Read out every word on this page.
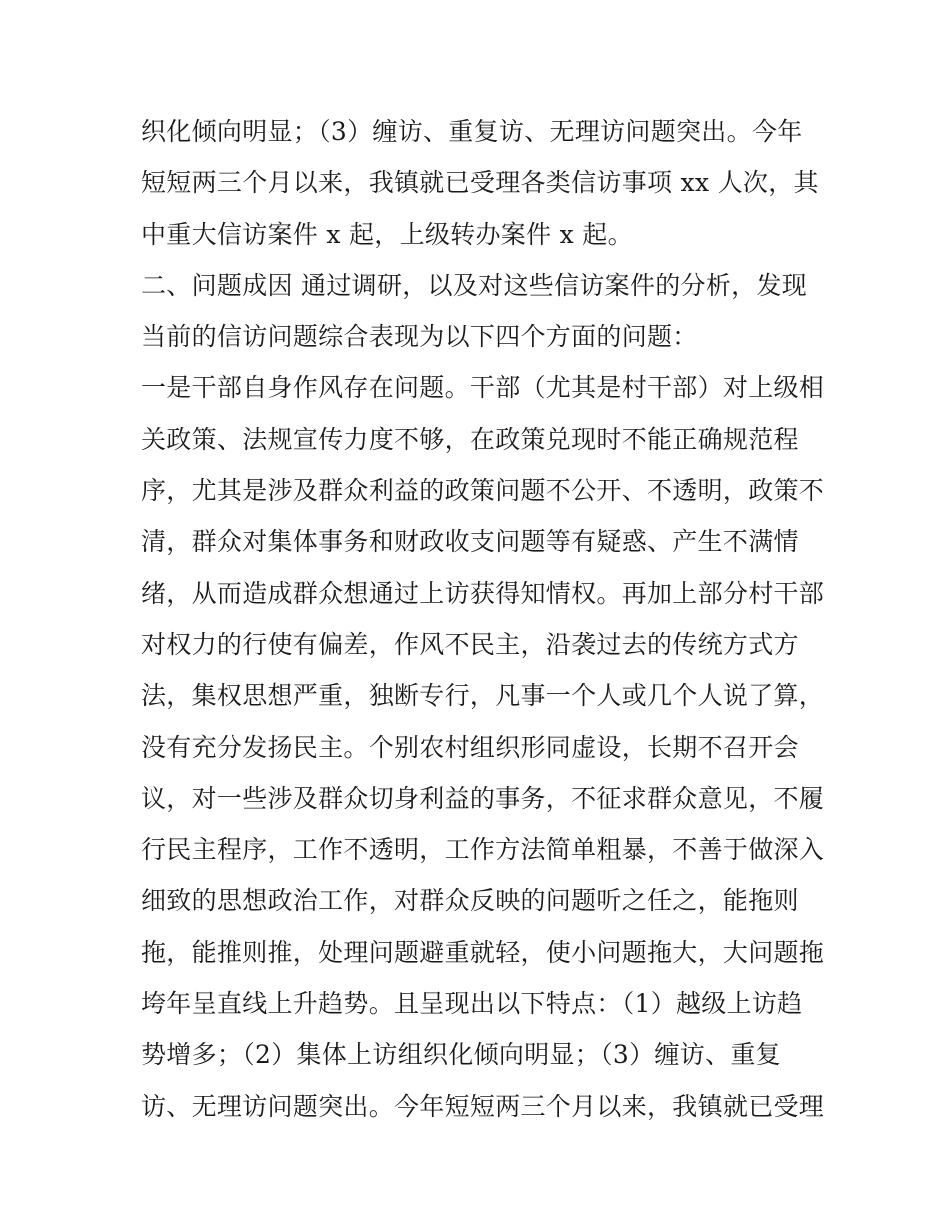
织化倾向明显；（3）缠访、重复访、无理访问题突出。今年
短短两三个月以来，我镇就已受理各类信访事项 xx 人次，其
中重大信访案件 x 起，上级转办案件 x 起。
二、问题成因 通过调研，以及对这些信访案件的分析，发现
当前的信访问题综合表现为以下四个方面的问题：
一是干部自身作风存在问题。干部（尤其是村干部）对上级相
关政策、法规宣传力度不够，在政策兑现时不能正确规范程
序，尤其是涉及群众利益的政策问题不公开、不透明，政策不
清，群众对集体事务和财政收支问题等有疑惑、产生不满情
绪，从而造成群众想通过上访获得知情权。再加上部分村干部
对权力的行使有偏差，作风不民主，沿袭过去的传统方式方
法，集权思想严重，独断专行，凡事一个人或几个人说了算，
没有充分发扬民主。个别农村组织形同虚设，长期不召开会
议，对一些涉及群众切身利益的事务，不征求群众意见，不履
行民主程序，工作不透明，工作方法简单粗暴，不善于做深入
细致的思想政治工作，对群众反映的问题听之任之，能拖则
拖，能推则推，处理问题避重就轻，使小问题拖大，大问题拖
垮年呈直线上升趋势。且呈现出以下特点：（1）越级上访趋
势增多；（2）集体上访组织化倾向明显；（3）缠访、重复
访、无理访问题突出。今年短短两三个月以来，我镇就已受理
